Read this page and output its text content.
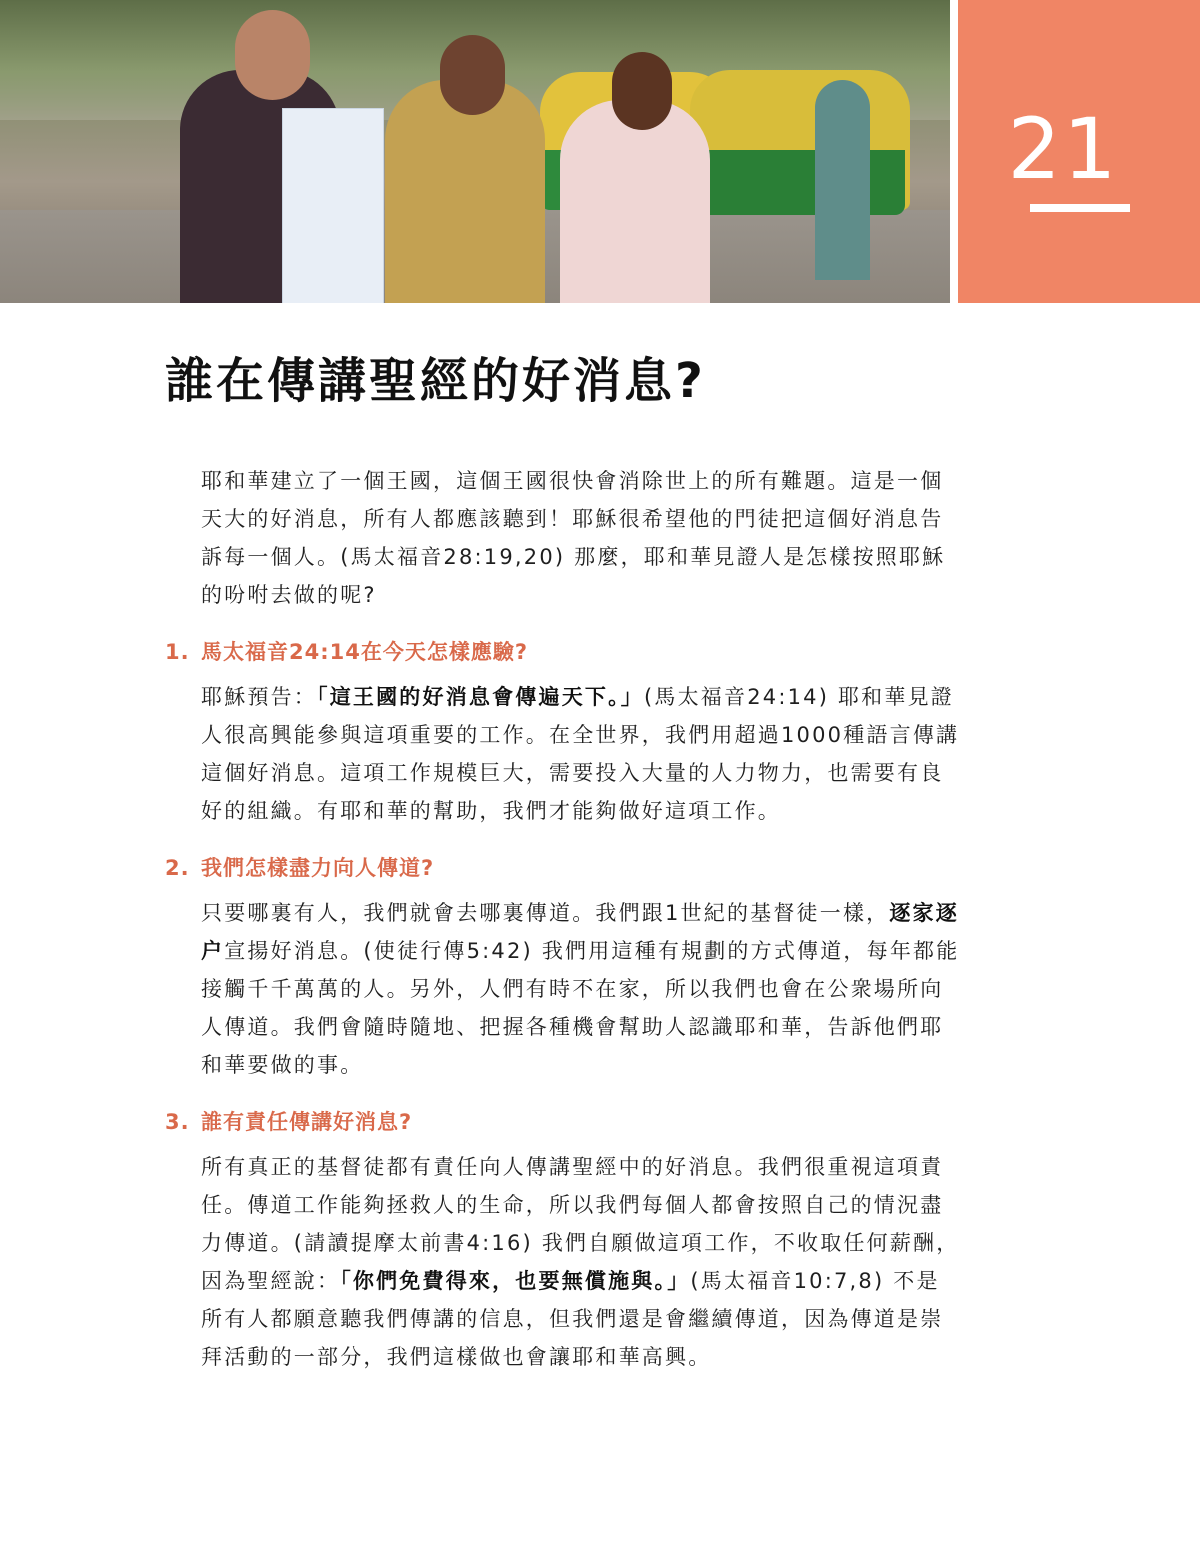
21
誰在傳講聖經的好消息?

耶和華建立了一個王國，這個王國很快會消除世上的所有難題。這是一個天大的好消息，所有人都應該聽到！耶穌很希望他的門徒把這個好消息告訴每一個人。(馬太福音28:19,20) 那麼，耶和華見證人是怎樣按照耶穌的吩咐去做的呢?

1. 馬太福音24:14在今天怎樣應驗?

耶穌預告：「這王國的好消息會傳遍天下。」(馬太福音24:14) 耶和華見證人很高興能參與這項重要的工作。在全世界，我們用超過1000種語言傳講這個好消息。這項工作規模巨大，需要投入大量的人力物力，也需要有良好的組織。有耶和華的幫助，我們才能夠做好這項工作。

2. 我們怎樣盡力向人傳道?

只要哪裏有人，我們就會去哪裏傳道。我們跟1世紀的基督徒一樣，逐家逐户宣揚好消息。(使徒行傳5:42) 我們用這種有規劃的方式傳道，每年都能接觸千千萬萬的人。另外，人們有時不在家，所以我們也會在公衆場所向人傳道。我們會隨時隨地、把握各種機會幫助人認識耶和華，告訴他們耶和華要做的事。

3. 誰有責任傳講好消息?

所有真正的基督徒都有責任向人傳講聖經中的好消息。我們很重視這項責任。傳道工作能夠拯救人的生命，所以我們每個人都會按照自己的情況盡力傳道。(請讀提摩太前書4:16) 我們自願做這項工作，不收取任何薪酬，因為聖經說：「你們免費得來，也要無償施與。」(馬太福音10:7,8) 不是所有人都願意聽我們傳講的信息，但我們還是會繼續傳道，因為傳道是崇拜活動的一部分，我們這樣做也會讓耶和華高興。
